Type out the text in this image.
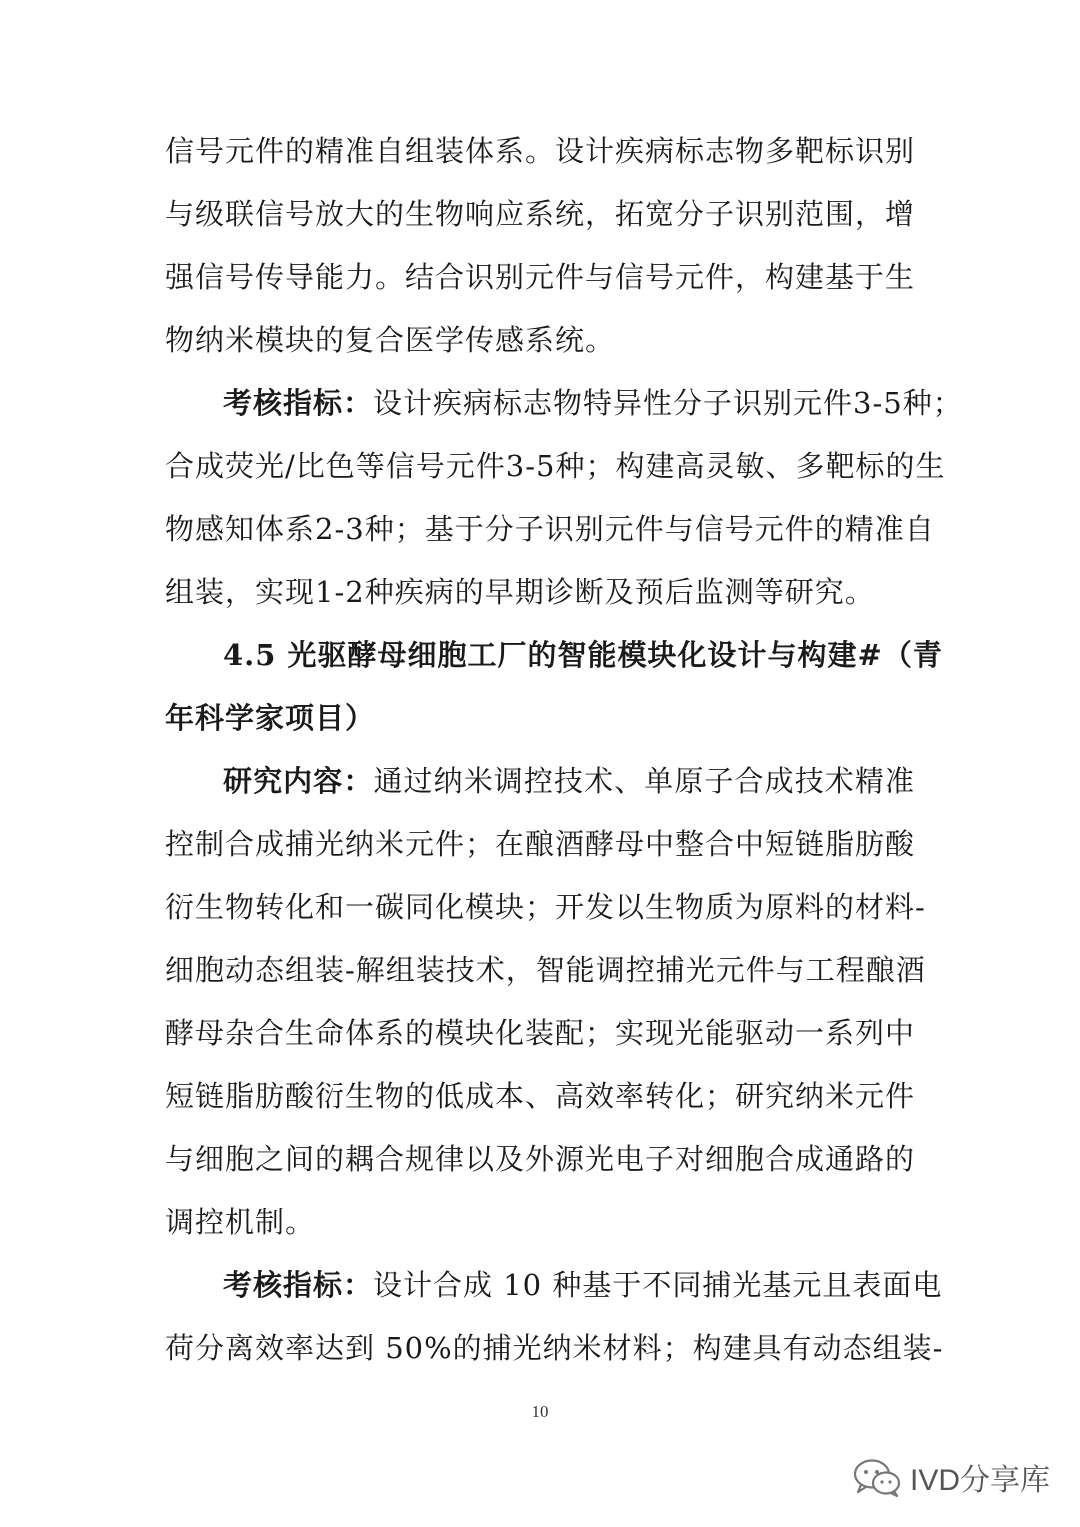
信号元件的精准自组装体系。设计疾病标志物多靶标识别
与级联信号放大的生物响应系统，拓宽分子识别范围，增
强信号传导能力。结合识别元件与信号元件，构建基于生
物纳米模块的复合医学传感系统。
考核指标：设计疾病标志物特异性分子识别元件3-5种；
合成荧光/比色等信号元件3-5种；构建高灵敏、多靶标的生
物感知体系2-3种；基于分子识别元件与信号元件的精准自
组装，实现1-2种疾病的早期诊断及预后监测等研究。
4.5 光驱酵母细胞工厂的智能模块化设计与构建#（青
年科学家项目）
研究内容：通过纳米调控技术、单原子合成技术精准
控制合成捕光纳米元件；在酿酒酵母中整合中短链脂肪酸
衍生物转化和一碳同化模块；开发以生物质为原料的材料-
细胞动态组装-解组装技术，智能调控捕光元件与工程酿酒
酵母杂合生命体系的模块化装配；实现光能驱动一系列中
短链脂肪酸衍生物的低成本、高效率转化；研究纳米元件
与细胞之间的耦合规律以及外源光电子对细胞合成通路的
调控机制。
考核指标：设计合成 10 种基于不同捕光基元且表面电
荷分离效率达到 50%的捕光纳米材料；构建具有动态组装-
10
IVD分享库
